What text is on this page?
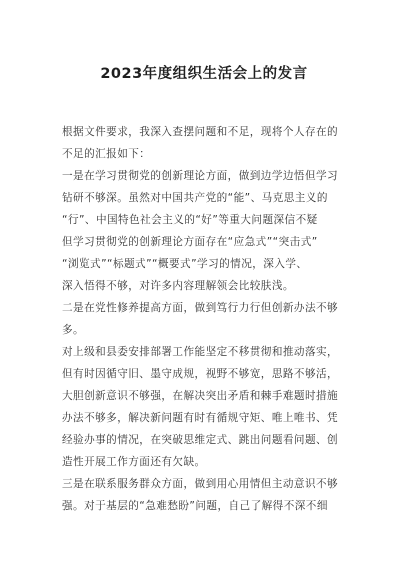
2023年度组织生活会上的发言
根据文件要求，我深入查摆问题和不足，现将个人存在的
不足的汇报如下：
一是在学习贯彻党的创新理论方面，做到边学边悟但学习
钻研不够深。虽然对中国共产党的“能”、马克思主义的
“行”、中国特色社会主义的“好”等重大问题深信不疑
但学习贯彻党的创新理论方面存在“应急式”“突击式”
“浏览式”“标题式”“概要式”学习的情况，深入学、
深入悟得不够，对许多内容理解领会比较肤浅。
二是在党性修养提高方面，做到笃行力行但创新办法不够
多。
对上级和县委安排部署工作能坚定不移贯彻和推动落实，
但有时因循守旧、墨守成规，视野不够宽，思路不够活，
大胆创新意识不够强，在解决突出矛盾和棘手难题时措施
办法不够多，解决新问题有时有循规守矩、唯上唯书、凭
经验办事的情况，在突破思维定式、跳出问题看问题、创
造性开展工作方面还有欠缺。
三是在联系服务群众方面，做到用心用情但主动意识不够
强。对于基层的“急难愁盼”问题，自己了解得不深不细
